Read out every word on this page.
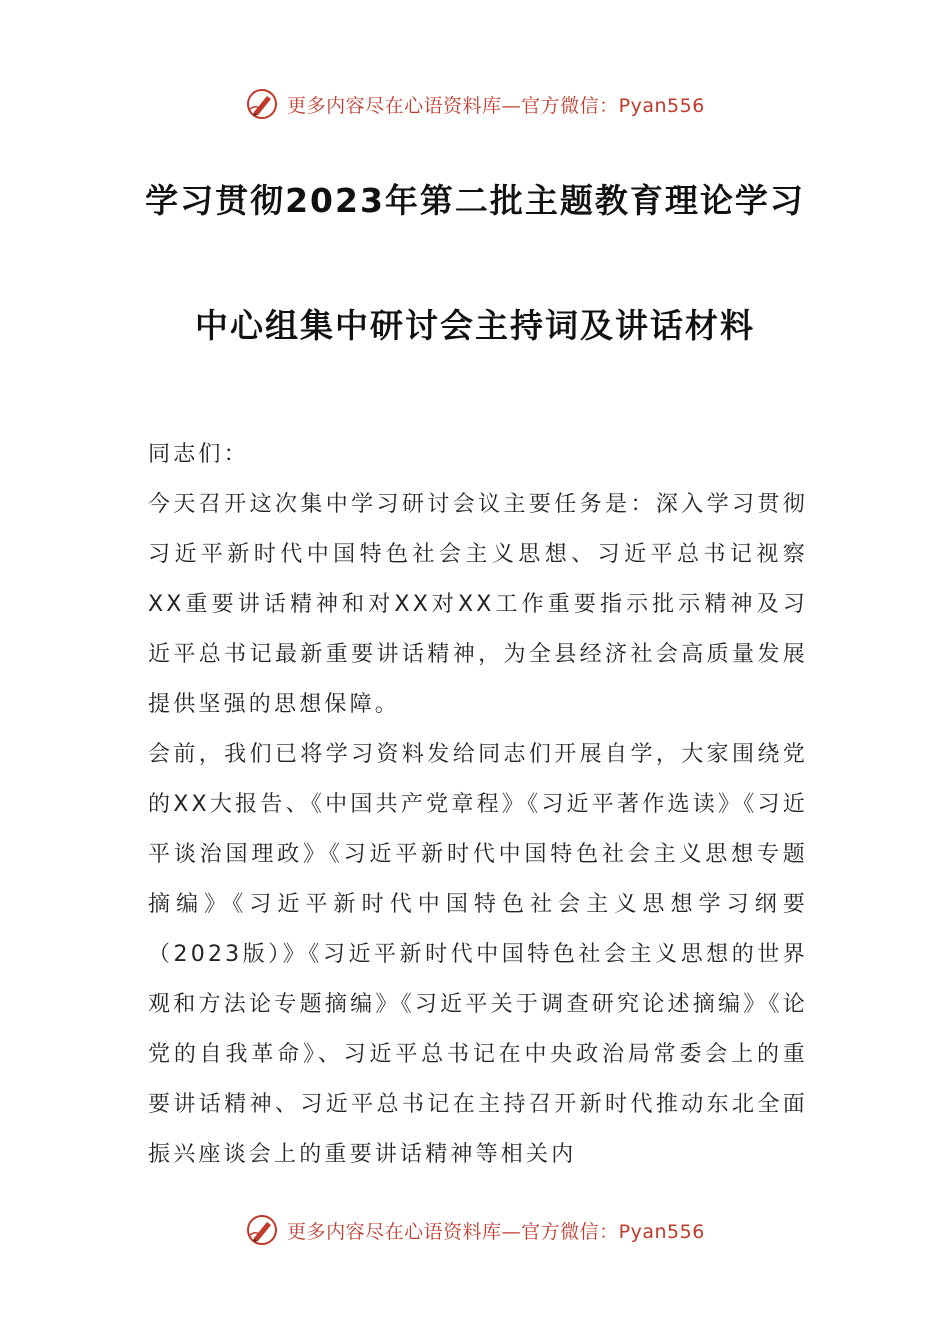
更多内容尽在心语资料库—官方微信：Pyan556
学习贯彻2023年第二批主题教育理论学习
中心组集中研讨会主持词及讲话材料

同志们：

今天召开这次集中学习研讨会议主要任务是：深入学习贯彻习近平新时代中国特色社会主义思想、习近平总书记视察XX重要讲话精神和对XX对XX工作重要指示批示精神及习近平总书记最新重要讲话精神，为全县经济社会高质量发展提供坚强的思想保障。

会前，我们已将学习资料发给同志们开展自学，大家围绕党的XX大报告、《中国共产党章程》《习近平著作选读》《习近平谈治国理政》《习近平新时代中国特色社会主义思想专题摘编》《习近平新时代中国特色社会主义思想学习纲要（2023版）》《习近平新时代中国特色社会主义思想的世界观和方法论专题摘编》《习近平关于调查研究论述摘编》《论党的自我革命》、习近平总书记在中央政治局常委会上的重要讲话精神、习近平总书记在主持召开新时代推动东北全面振兴座谈会上的重要讲话精神等相关内

更多内容尽在心语资料库—官方微信：Pyan556
